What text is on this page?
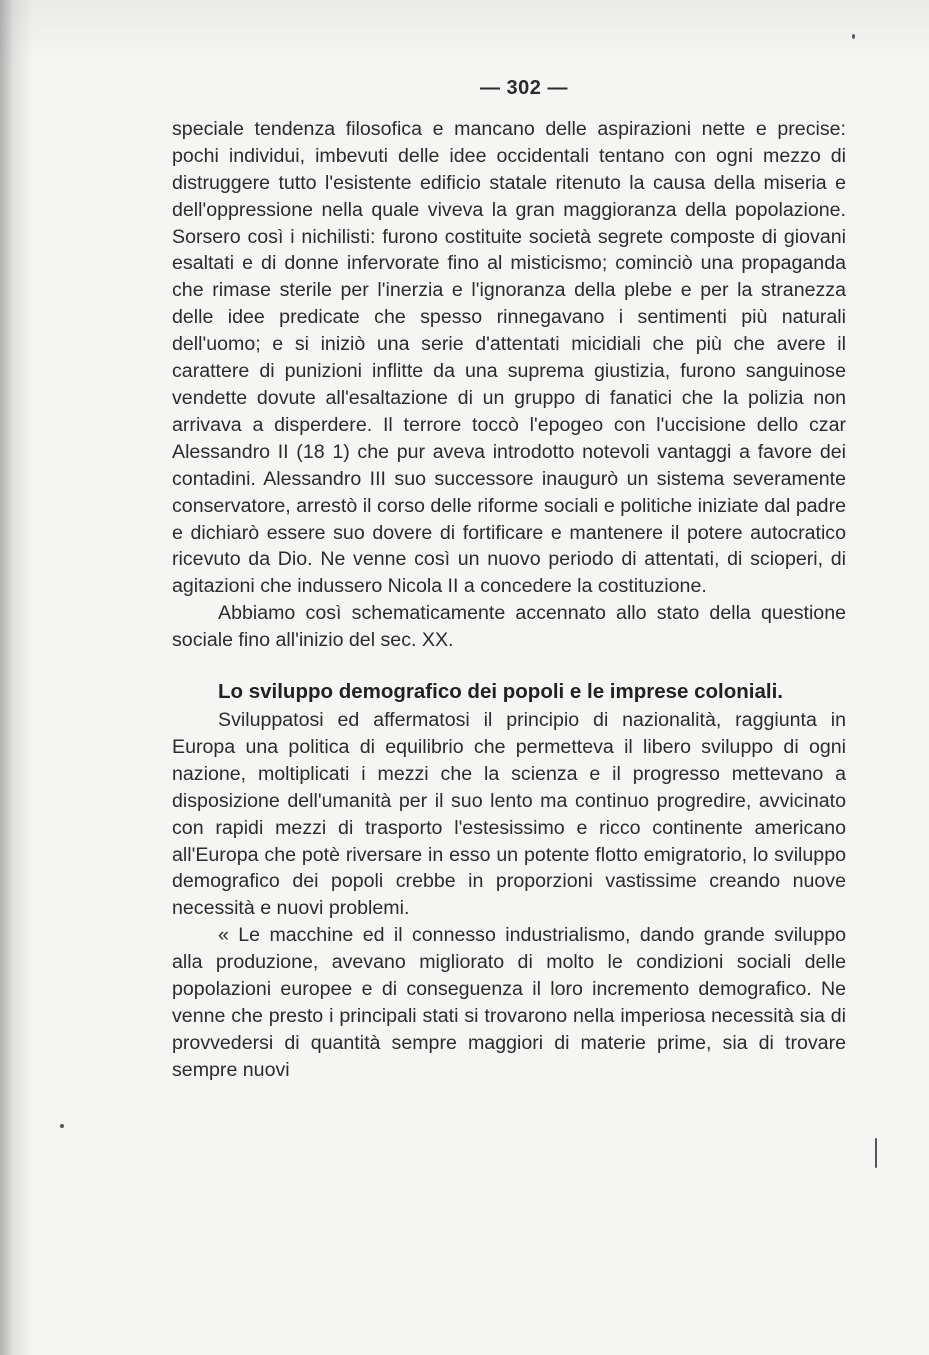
— 302 —

speciale tendenza filosofica e mancano delle aspirazioni nette e precise: pochi individui, imbevuti delle idee occidentali tentano con ogni mezzo di distruggere tutto l'esistente edificio statale ritenuto la causa della miseria e dell'oppressione nella quale viveva la gran maggioranza della popolazione. Sorsero così i nichilisti: furono costituite società segrete composte di giovani esaltati e di donne infervorate fino al misticismo; cominciò una propaganda che rimase sterile per l'inerzia e l'ignoranza della plebe e per la stranezza delle idee predicate che spesso rinnegavano i sentimenti più naturali dell'uomo; e si iniziò una serie d'attentati micidiali che più che avere il carattere di punizioni inflitte da una suprema giustizia, furono sanguinose vendette dovute all'esaltazione di un gruppo di fanatici che la polizia non arrivava a disperdere. Il terrore toccò l'epogeo con l'uccisione dello czar Alessandro II (18 1) che pur aveva introdotto notevoli vantaggi a favore dei contadini. Alessandro III suo successore inaugurò un sistema severamente conservatore, arrestò il corso delle riforme sociali e politiche iniziate dal padre e dichiarò essere suo dovere di fortificare e mantenere il potere autocratico ricevuto da Dio. Ne venne così un nuovo periodo di attentati, di scioperi, di agitazioni che indussero Nicola II a concedere la costituzione.

Abbiamo così schematicamente accennato allo stato della questione sociale fino all'inizio del sec. XX.

Lo sviluppo demografico dei popoli e le imprese coloniali.

Sviluppatosi ed affermatosi il principio di nazionalità, raggiunta in Europa una politica di equilibrio che permetteva il libero sviluppo di ogni nazione, moltiplicati i mezzi che la scienza e il progresso mettevano a disposizione dell'umanità per il suo lento ma continuo progredire, avvicinato con rapidi mezzi di trasporto l'estesissimo e ricco continente americano all'Europa che potè riversare in esso un potente flotto emigratorio, lo sviluppo demografico dei popoli crebbe in proporzioni vastissime creando nuove necessità e nuovi problemi.

« Le macchine ed il connesso industrialismo, dando grande sviluppo alla produzione, avevano migliorato di molto le condizioni sociali delle popolazioni europee e di conseguenza il loro incremento demografico. Ne venne che presto i principali stati si trovarono nella imperiosa necessità sia di provvedersi di quantità sempre maggiori di materie prime, sia di trovare sempre nuovi
